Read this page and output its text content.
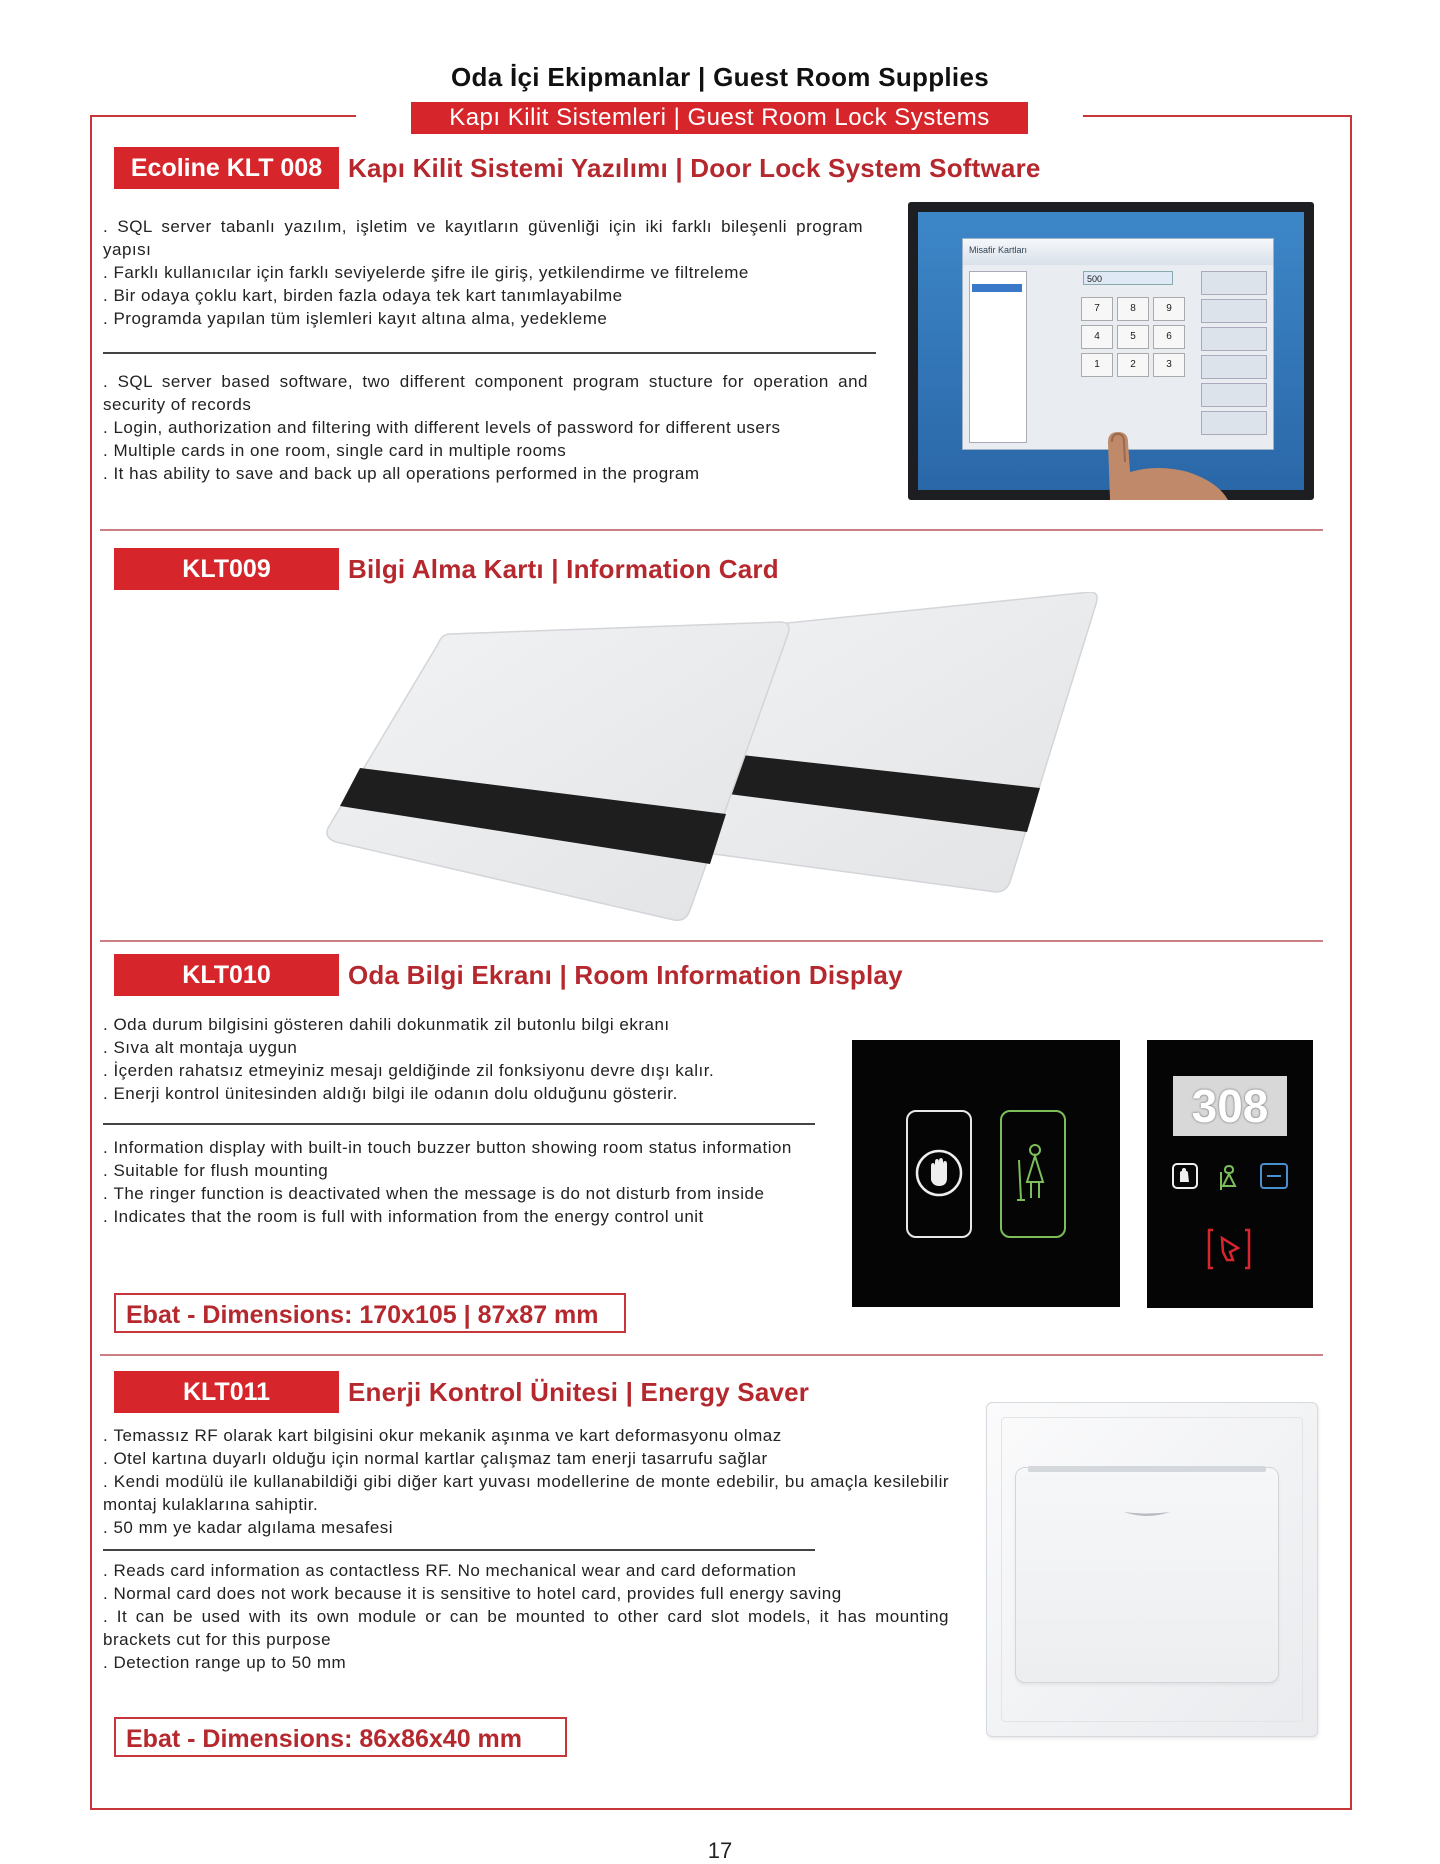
Oda İçi Ekipmanlar | Guest Room Supplies
Kapı Kilit Sistemleri | Guest Room Lock Systems
Ecoline KLT 008 Kapı Kilit Sistemi Yazılımı | Door Lock System Software

. SQL server tabanlı yazılım, işletim ve kayıtların güvenliği için iki farklı bileşenli program yapısı

. Farklı kullanıcılar için farklı seviyelerde şifre ile giriş, yetkilendirme ve filtreleme

. Bir odaya çoklu kart, birden fazla odaya tek kart tanımlayabilme

. Programda yapılan tüm işlemleri kayıt altına alma, yedekleme

. SQL server based software, two different component program stucture for operation and security of records

. Login, authorization and filtering with different levels of password for different users

. Multiple cards in one room, single card in multiple rooms

. It has ability to save and back up all operations performed in the program

Misafir Kartları
500
7	8	9
4	5	6
1	2	3
KLT009	Bilgi Alma Kartı | Information Card
KLT010	Oda Bilgi Ekranı | Room Information Display

. Oda durum bilgisini gösteren dahili dokunmatik zil butonlu bilgi ekranı

. Sıva alt montaja uygun

. İçerden rahatsız etmeyiniz mesajı geldiğinde zil fonksiyonu devre dışı kalır.

. Enerji kontrol ünitesinden aldığı bilgi ile odanın dolu olduğunu gösterir.

. Information display with built-in touch buzzer button showing room status information

. Suitable for flush mounting

. The ringer function is deactivated when the message is do not disturb from inside

. Indicates that the room is full with information from the energy control unit

Ebat - Dimensions: 170x105 | 87x87 mm
308
KLT011	Enerji Kontrol Ünitesi | Energy Saver

. Temassız RF olarak kart bilgisini okur mekanik aşınma ve kart deformasyonu olmaz

. Otel kartına duyarlı olduğu için normal kartlar çalışmaz tam enerji tasarrufu sağlar

. Kendi modülü ile kullanabildiği gibi diğer kart yuvası modellerine de monte edebilir, bu amaçla kesilebilir montaj kulaklarına sahiptir.

. 50 mm ye kadar algılama mesafesi

. Reads card information as contactless RF. No mechanical wear and card deformation

. Normal card does not work because it is sensitive to hotel card, provides full energy saving

. It can be used with its own module or can be mounted to other card slot models, it has mounting brackets cut for this purpose

. Detection range up to 50 mm

Ebat - Dimensions: 86x86x40 mm
17
